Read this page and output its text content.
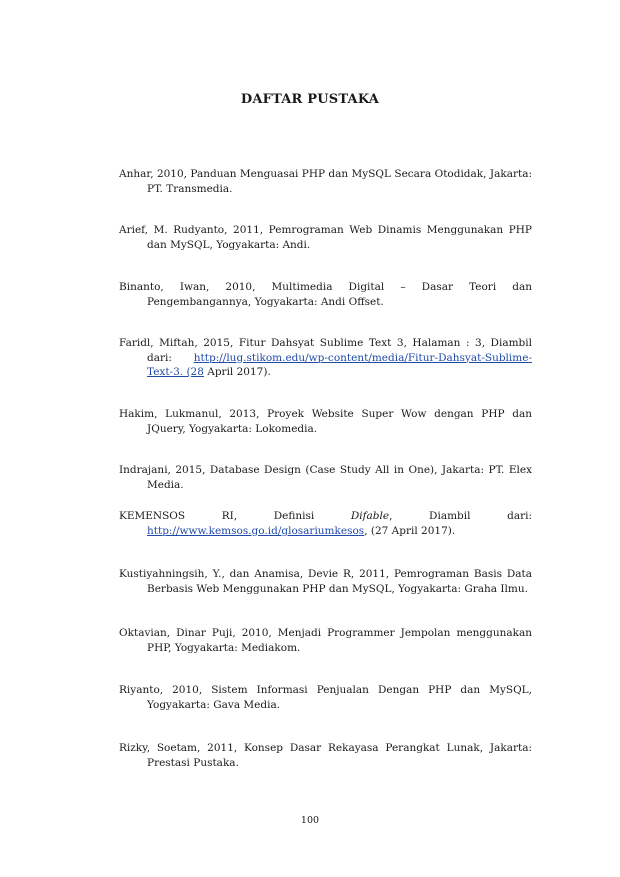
DAFTAR PUSTAKA
Anhar, 2010, Panduan Menguasai PHP dan MySQL Secara Otodidak, Jakarta: PT. Transmedia.
Arief, M. Rudyanto, 2011, Pemrograman Web Dinamis Menggunakan PHP dan MySQL, Yogyakarta: Andi.
Binanto, Iwan, 2010, Multimedia Digital – Dasar Teori dan Pengembangannya, Yogyakarta: Andi Offset.
Faridl, Miftah, 2015, Fitur Dahsyat Sublime Text 3, Halaman : 3, Diambil dari: http://lug.stikom.edu/wp-content/media/Fitur-Dahsyat-Sublime-Text-3. (28 April 2017).
Hakim, Lukmanul, 2013, Proyek Website Super Wow dengan PHP dan JQuery, Yogyakarta: Lokomedia.
Indrajani, 2015, Database Design (Case Study All in One), Jakarta: PT. Elex Media.
KEMENSOS RI, Definisi Difable, Diambil dari: http://www.kemsos.go.id/glosariumkesos, (27 April 2017).
Kustiyahningsih, Y., dan Anamisa, Devie R, 2011, Pemrograman Basis Data Berbasis Web Menggunakan PHP dan MySQL, Yogyakarta: Graha Ilmu.
Oktavian, Dinar Puji, 2010, Menjadi Programmer Jempolan menggunakan PHP, Yogyakarta: Mediakom.
Riyanto, 2010, Sistem Informasi Penjualan Dengan PHP dan MySQL, Yogyakarta: Gava Media.
Rizky, Soetam, 2011, Konsep Dasar Rekayasa Perangkat Lunak, Jakarta: Prestasi Pustaka.
100
